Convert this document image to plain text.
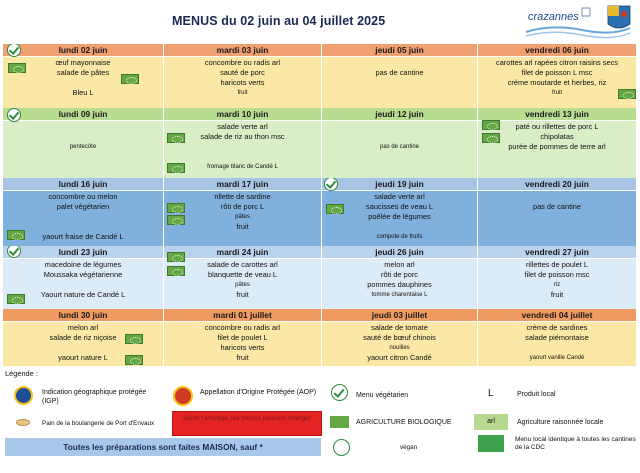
MENUS du 02 juin au 04 juillet 2025	crazannes
lundi 02 juin
œuf mayonnaise
salade de pâtes

Bleu L
mardi 03 juin
concombre ou radis arl
sauté de porc
haricots verts
fruit
jeudi 05 juin

pas de cantine
vendredi 06 juin
carottes arl rapées citron raisins secs
filet de poisson L msc
crème moutarde et herbes, riz
fruit
lundi 09 juin

pentecôte
mardi 10 juin
salade verte arl
salade de riz au thon msc

fromage blanc de Candé L
jeudi 12 juin

pas de cantine
vendredi 13 juin
paté ou rillettes de porc L
chipolatas
purée de pommes de terre arl
lundi 16 juin
concombre ou melon
palet végétarien

yaourt fraise de Candé L
mardi 17 juin
rillette de sardine
rôti de porc L
pâtes
fruit
jeudi 19 juin
salade verte arl
saucisses de veau L
poêlée de légumes

compote de fruits
vendredi 20 juin

pas de cantine
lundi 23 juin
macedoine de légumes
Moussaka végétarienne

Yaourt nature de Candé L
mardi 24 juin
salade de carottes arl
blanquette de veau L
pâtes
fruit
jeudi 26 juin
melon arl
rôti de porc
pommes dauphines
tomme charentaise L
vendredi 27 juin
rillettes de poulet L
filet de poisson msc
riz
fruit
lundi 30 juin
melon arl
salade de riz niçoise

yaourt nature L
mardi 01 juillet
concombre ou radis arl
filet de poulet L
haricots verts
fruit
jeudi 03 juillet
salade de tomate
sauté de bœuf chinois
nouilles
yaourt citron Candé
vendredi 04 juillet
crème de sardines
salade piémontaise

yaourt vanille Candé
Légende :
Indication géographique protégée (IGP)
Appellation d'Origine Protégée (AOP)	Menu végétarien	L	Produit local
Pain de la boulangerie de Port d'Envaux
Selon l'arrivage, les menus peuvent changer
AGRICULTURE BIOLOGIQUE	arl	Agriculture raisonnée locale
Toutes les préparations sont faites MAISON, sauf *	végan
Menu local identique à toutes les cantines de la CDC
